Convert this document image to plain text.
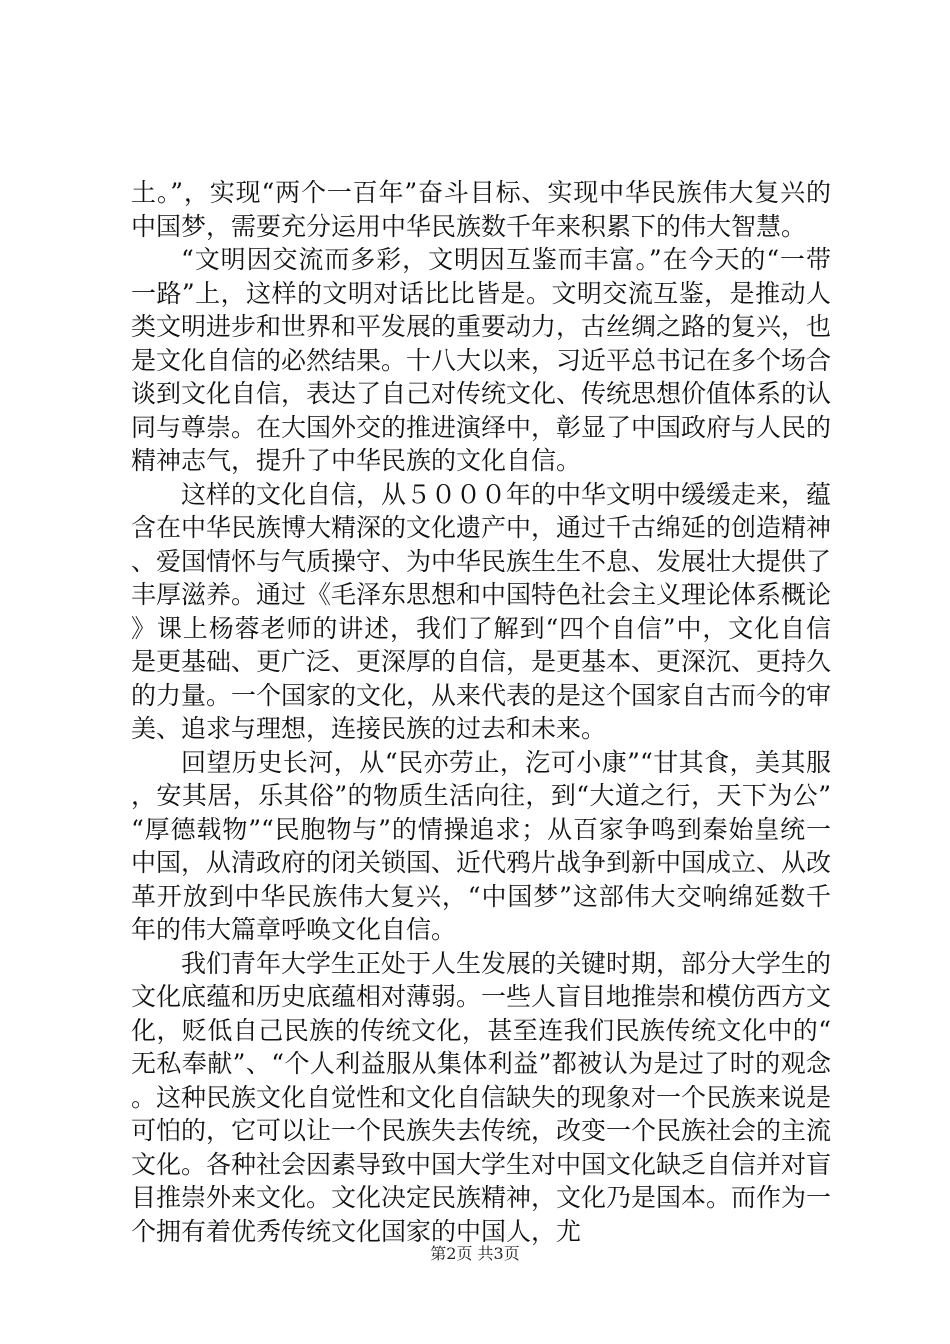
土。”，实现“两个一百年”奋斗目标、实现中华民族伟大复兴的中国梦，需要充分运用中华民族数千年来积累下的伟大智慧。

“文明因交流而多彩，文明因互鉴而丰富。”在今天的“一带一路”上，这样的文明对话比比皆是。文明交流互鉴，是推动人类文明进步和世界和平发展的重要动力，古丝绸之路的复兴，也是文化自信的必然结果。十八大以来，习近平总书记在多个场合谈到文化自信，表达了自己对传统文化、传统思想价值体系的认同与尊崇。在大国外交的推进演绎中，彰显了中国政府与人民的精神志气，提升了中华民族的文化自信。

这样的文化自信，从５０００年的中华文明中缓缓走来，蕴含在中华民族博大精深的文化遗产中，通过千古绵延的创造精神、爱国情怀与气质操守、为中华民族生生不息、发展壮大提供了丰厚滋养。通过《毛泽东思想和中国特色社会主义理论体系概论》课上杨蓉老师的讲述，我们了解到“四个自信”中，文化自信是更基础、更广泛、更深厚的自信，是更基本、更深沉、更持久的力量。一个国家的文化，从来代表的是这个国家自古而今的审美、追求与理想，连接民族的过去和未来。

回望历史长河，从“民亦劳止，汔可小康”“甘其食，美其服，安其居，乐其俗”的物质生活向往，到“大道之行，天下为公”“厚德载物”“民胞物与”的情操追求；从百家争鸣到秦始皇统一中国，从清政府的闭关锁国、近代鸦片战争到新中国成立、从改革开放到中华民族伟大复兴，“中国梦”这部伟大交响绵延数千年的伟大篇章呼唤文化自信。

我们青年大学生正处于人生发展的关键时期，部分大学生的文化底蕴和历史底蕴相对薄弱。一些人盲目地推崇和模仿西方文化，贬低自己民族的传统文化，甚至连我们民族传统文化中的“无私奉献”、“个人利益服从集体利益”都被认为是过了时的观念。这种民族文化自觉性和文化自信缺失的现象对一个民族来说是可怕的，它可以让一个民族失去传统，改变一个民族社会的主流文化。各种社会因素导致中国大学生对中国文化缺乏自信并对盲目推崇外来文化。文化决定民族精神，文化乃是国本。而作为一个拥有着优秀传统文化国家的中国人，尤

第2页 共3页
